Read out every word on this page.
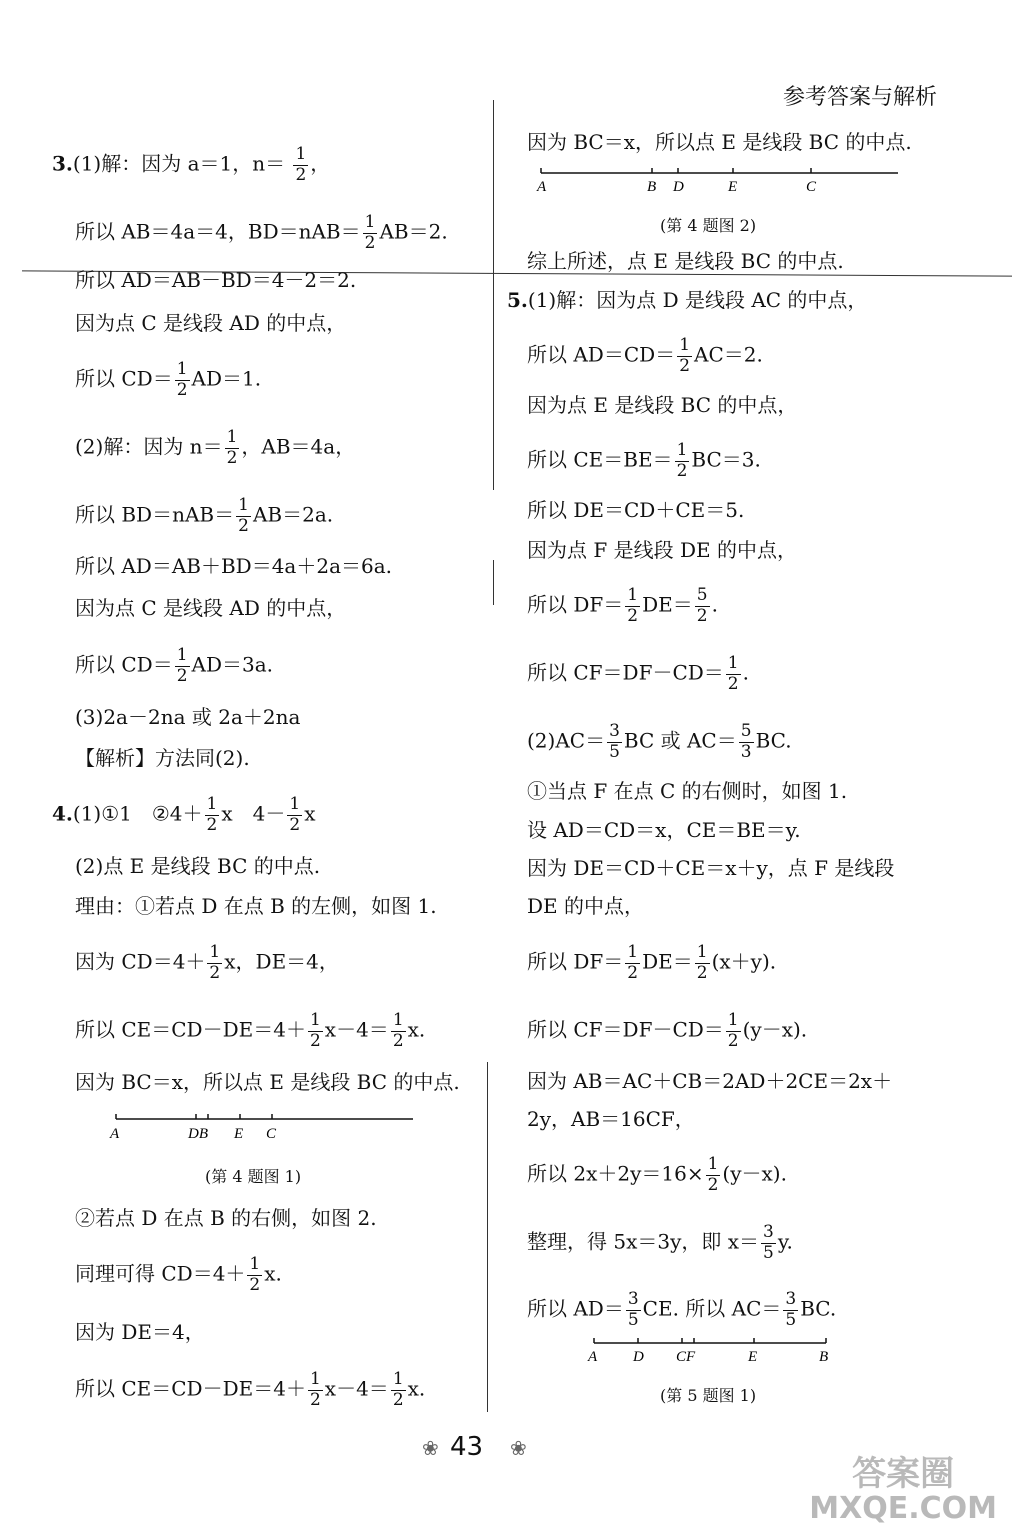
参考答案与解析
3.(1)解：因为 a＝1，$n= \frac{1}{2}$ ，
所以 AB＝4a＝4，$BD=nAB= \frac{1}{2} AB=2$.
所以 AD＝AB－BD＝4－2＝2.
因为点 C 是线段 AD 的中点，
所以 $CD= \frac{1}{2} AD=1$.
(2)解：因为 $n= \frac{1}{2}$ ，AB＝4a，
所以 $BD=nAB= \frac{1}{2} AB=2a$.
所以 AD＝AB＋BD＝4a＋2a＝6a.
因为点 C 是线段 AD 的中点，
所以 $CD= \frac{1}{2} AD=3a$.
(3)2a－2na 或 2a＋2na
【解析】方法同(2).
4.(1)①1　②4＋ $\frac{1}{2}$ x　$4- \frac{1}{2}$ x
(2)点 E 是线段 BC 的中点.
理由：①若点 D 在点 B 的左侧，如图 1.
因为 $CD=4+ \frac{1}{2}$ x，DE＝4，
所以 $CE=CD-DE=4+ \frac{1}{2} x-4= \frac{1}{2} x$.
因为 BC＝x，所以点 E 是线段 BC 的中点.
A	DB E C
(第 4 题图 1)
②若点 D 在点 B 的右侧，如图 2.
同理可得 $CD=4+ \frac{1}{2} x$.
因为 DE＝4，
所以 $CE=CD-DE=4+ \frac{1}{2} x-4= \frac{1}{2} x$.
因为 BC＝x，所以点 E 是线段 BC 的中点.
A	B D	E	C
(第 4 题图 2)
综上所述，点 E 是线段 BC 的中点.
5.(1)解：因为点 D 是线段 AC 的中点，
所以 $AD=CD= \frac{1}{2} AC=2$.
因为点 E 是线段 BC 的中点，
所以 $CE=BE= \frac{1}{2} BC=3$.
所以 DE＝CD＋CE＝5.
因为点 F 是线段 DE 的中点，
所以 $DF= \frac{1}{2} DE= \frac{5}{2}$ .
所以 $CF=DF-CD= \frac{1}{2}$ .
$(2)AC= \frac{3}{5}$ BC 或 $AC= \frac{5}{3}$ BC.
①当点 F 在点 C 的右侧时，如图 1.
设 AD＝CD＝x，CE＝BE＝y.
因为 DE＝CD＋CE＝x＋y，点 F 是线段
DE 的中点，
所以 $DF= \frac{1}{2} DE= \frac{1}{2} (x+y)$.
所以 $CF=DF-CD= \frac{1}{2} (y-x)$.
因为 AB＝AC＋CB＝2AD＋2CE＝2x＋
2y，AB＝16CF，
所以 $2x+2y=16\times \frac{1}{2} (y-x)$.
整理，得 5x＝3y，即 $x= \frac{3}{5} y$.
所以 $AD= \frac{3}{5}$ CE. 所以 $AC= \frac{3}{5}$ BC.
A D CF	E	B
(第 5 题图 1)
❀ 43 ❀
答案圈
MXQE.COM
